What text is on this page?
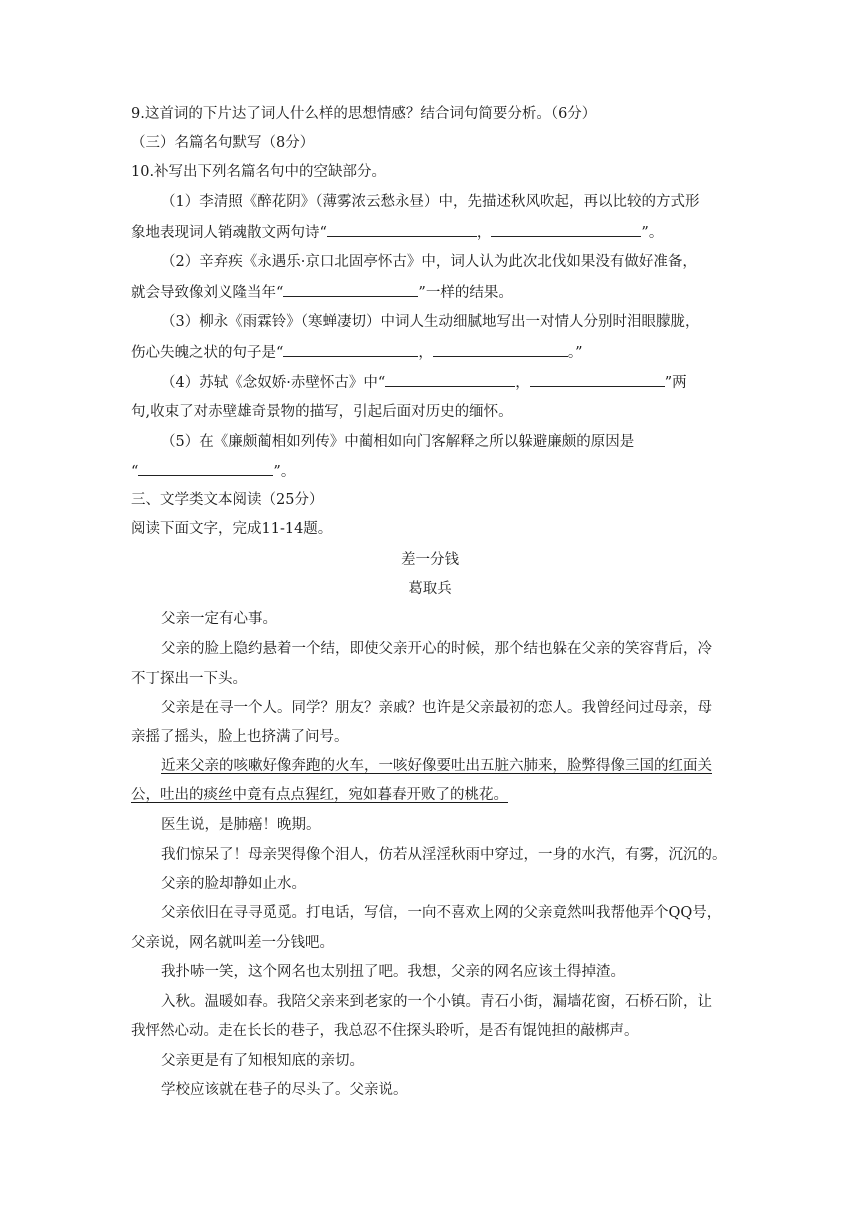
9.这首词的下片达了词人什么样的思想情感？结合词句简要分析。（6分）
（三）名篇名句默写（8分）
10.补写出下列名篇名句中的空缺部分。
（1）李清照《醉花阴》（薄雾浓云愁永昼）中，先描述秋风吹起，再以比较的方式形
象地表现词人销魂散文两句诗“	，	”。
（2）辛弃疾《永遇乐·京口北固亭怀古》中，词人认为此次北伐如果没有做好准备，
就会导致像刘义隆当年“	”一样的结果。
（3）柳永《雨霖铃》（寒蝉凄切）中词人生动细腻地写出一对情人分别时泪眼朦胧，
伤心失魄之状的句子是“	，	。”
（4）苏轼《念奴娇·赤壁怀古》中“	，	”两
句,收束了对赤壁雄奇景物的描写，引起后面对历史的缅怀。
（5）在《廉颇蔺相如列传》中蔺相如向门客解释之所以躲避廉颇的原因是
“	”。
三、文学类文本阅读（25分）
阅读下面文字，完成11-14题。
差一分钱
葛取兵
父亲一定有心事。
父亲的脸上隐约悬着一个结，即使父亲开心的时候，那个结也躲在父亲的笑容背后，冷
不丁探出一下头。
父亲是在寻一个人。同学？朋友？亲戚？也许是父亲最初的恋人。我曾经问过母亲，母
亲摇了摇头，脸上也挤满了问号。
近来父亲的咳嗽好像奔跑的火车，一咳好像要吐出五脏六肺来，脸弊得像三国的红面关
公，吐出的痰丝中竟有点点猩红，宛如暮春开败了的桃花。
医生说，是肺癌！晚期。
我们惊呆了！母亲哭得像个泪人，仿若从淫淫秋雨中穿过，一身的水汽，有雾，沉沉的。
父亲的脸却静如止水。
父亲依旧在寻寻觅觅。打电话，写信，一向不喜欢上网的父亲竟然叫我帮他弄个QQ号，
父亲说，网名就叫差一分钱吧。
我扑哧一笑，这个网名也太别扭了吧。我想，父亲的网名应该土得掉渣。
入秋。温暖如春。我陪父亲来到老家的一个小镇。青石小街，漏墙花窗，石桥石阶，让
我怦然心动。走在长长的巷子，我总忍不住探头聆听，是否有馄饨担的敲梆声。
父亲更是有了知根知底的亲切。
学校应该就在巷子的尽头了。父亲说。
